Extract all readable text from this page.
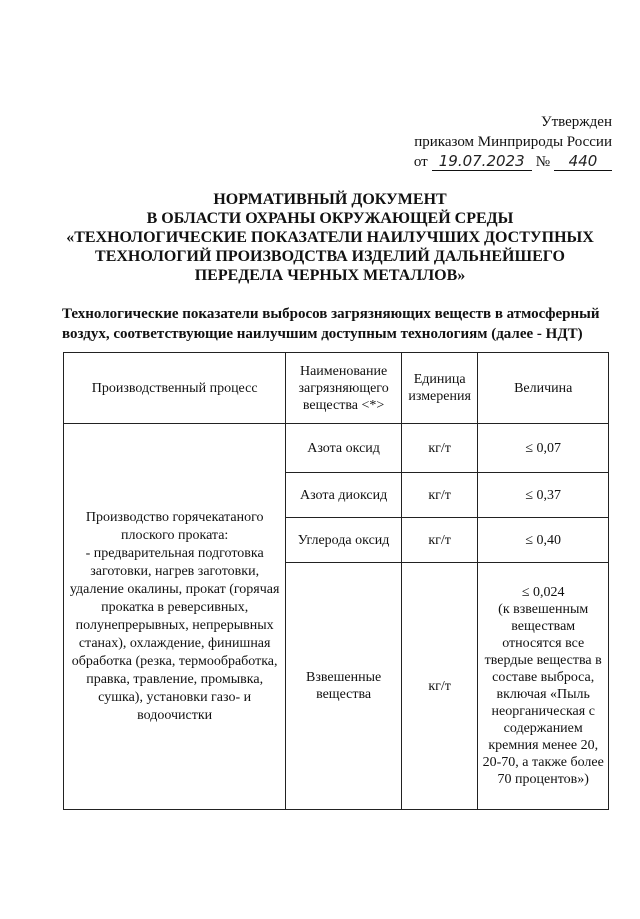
Утвержден
приказом Минприроды России
от 19.07.2023 №	440
НОРМАТИВНЫЙ ДОКУМЕНТ
В ОБЛАСТИ ОХРАНЫ ОКРУЖАЮЩЕЙ СРЕДЫ «ТЕХНОЛОГИЧЕСКИЕ ПОКАЗАТЕЛИ НАИЛУЧШИХ ДОСТУПНЫХ ТЕХНОЛОГИЙ ПРОИЗВОДСТВА ИЗДЕЛИЙ ДАЛЬНЕЙШЕГО ПЕРЕДЕЛА ЧЕРНЫХ МЕТАЛЛОВ»
Технологические показатели выбросов загрязняющих веществ в атмосферный воздух, соответствующие наилучшим доступным технологиям (далее - НДТ)
Производственный процесс	Наименование загрязняющего вещества <*>	Единица измерения	Величина
Производство горячекатаного плоского проката:
- предварительная подготовка заготовки, нагрев заготовки, удаление окалины, прокат (горячая прокатка в реверсивных, полунепрерывных, непрерывных станах), охлаждение, финишная обработка (резка, термообработка, правка, травление, промывка, сушка), установки газо- и водоочистки	Азота оксид	кг/т	≤ 0,07
	Азота диоксид	кг/т	≤ 0,37
	Углерода оксид	кг/т	≤ 0,40
	Взвешенные вещества	кг/т	≤ 0,024
(к взвешенным веществам относятся все твердые вещества в составе выброса, включая «Пыль неорганическая с содержанием кремния менее 20, 20-70, а также более 70 процентов»)
